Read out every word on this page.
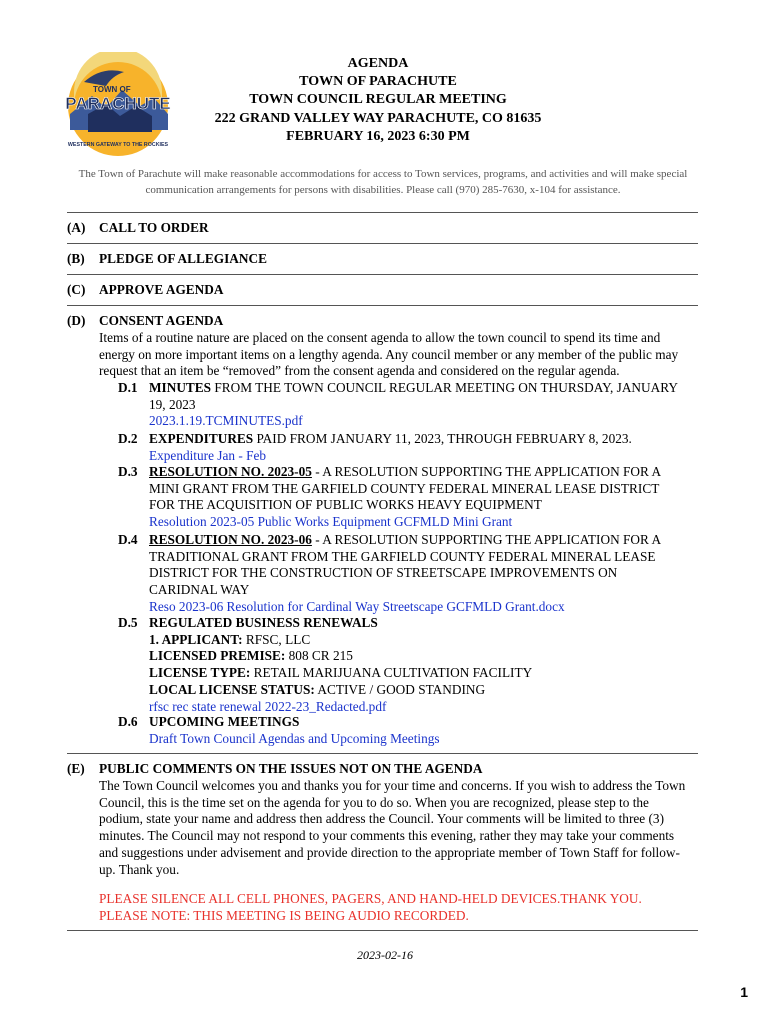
TOWN OF
PARACHUTE
WESTERN GATEWAY TO THE ROCKIES
AGENDA
TOWN OF PARACHUTE
TOWN COUNCIL REGULAR MEETING
222 GRAND VALLEY WAY PARACHUTE, CO 81635
FEBRUARY 16, 2023 6:30 PM
The Town of Parachute will make reasonable accommodations for access to Town services, programs, and activities and will make special
communication arrangements for persons with disabilities. Please call (970) 285-7630, x-104 for assistance.
(A) CALL TO ORDER
(B) PLEDGE OF ALLEGIANCE
(C) APPROVE AGENDA
(D) CONSENT AGENDA
Items of a routine nature are placed on the consent agenda to allow the town council to spend its time and
energy on more important items on a lengthy agenda. Any council member or any member of the public may
request that an item be “removed” from the consent agenda and considered on the regular agenda.
D.1 MINUTES FROM THE TOWN COUNCIL REGULAR MEETING ON THURSDAY, JANUARY
19, 2023
2023.1.19.TCMINUTES.pdf
D.2 EXPENDITURES PAID FROM JANUARY 11, 2023, THROUGH FEBRUARY 8, 2023.
Expenditure Jan - Feb
D.3 RESOLUTION NO. 2023-05 - A RESOLUTION SUPPORTING THE APPLICATION FOR A
MINI GRANT FROM THE GARFIELD COUNTY FEDERAL MINERAL LEASE DISTRICT
FOR THE ACQUISITION OF PUBLIC WORKS HEAVY EQUIPMENT
Resolution 2023-05 Public Works Equipment GCFMLD Mini Grant
D.4 RESOLUTION NO. 2023-06 - A RESOLUTION SUPPORTING THE APPLICATION FOR A
TRADITIONAL GRANT FROM THE GARFIELD COUNTY FEDERAL MINERAL LEASE
DISTRICT FOR THE CONSTRUCTION OF STREETSCAPE IMPROVEMENTS ON
CARIDNAL WAY
Reso 2023-06 Resolution for Cardinal Way Streetscape GCFMLD Grant.docx
D.5 REGULATED BUSINESS RENEWALS
1. APPLICANT: RFSC, LLC
LICENSED PREMISE: 808 CR 215
LICENSE TYPE: RETAIL MARIJUANA CULTIVATION FACILITY
LOCAL LICENSE STATUS: ACTIVE / GOOD STANDING
rfsc rec state renewal 2022-23_Redacted.pdf
D.6 UPCOMING MEETINGS
Draft Town Council Agendas and Upcoming Meetings
(E) PUBLIC COMMENTS ON THE ISSUES NOT ON THE AGENDA
The Town Council welcomes you and thanks you for your time and concerns. If you wish to address the Town
Council, this is the time set on the agenda for you to do so. When you are recognized, please step to the
podium, state your name and address then address the Council. Your comments will be limited to three (3)
minutes. The Council may not respond to your comments this evening, rather they may take your comments
and suggestions under advisement and provide direction to the appropriate member of Town Staff for follow-
up. Thank you.
PLEASE SILENCE ALL CELL PHONES, PAGERS, AND HAND-HELD DEVICES.THANK YOU.
PLEASE NOTE: THIS MEETING IS BEING AUDIO RECORDED.
2023-02-16
1
